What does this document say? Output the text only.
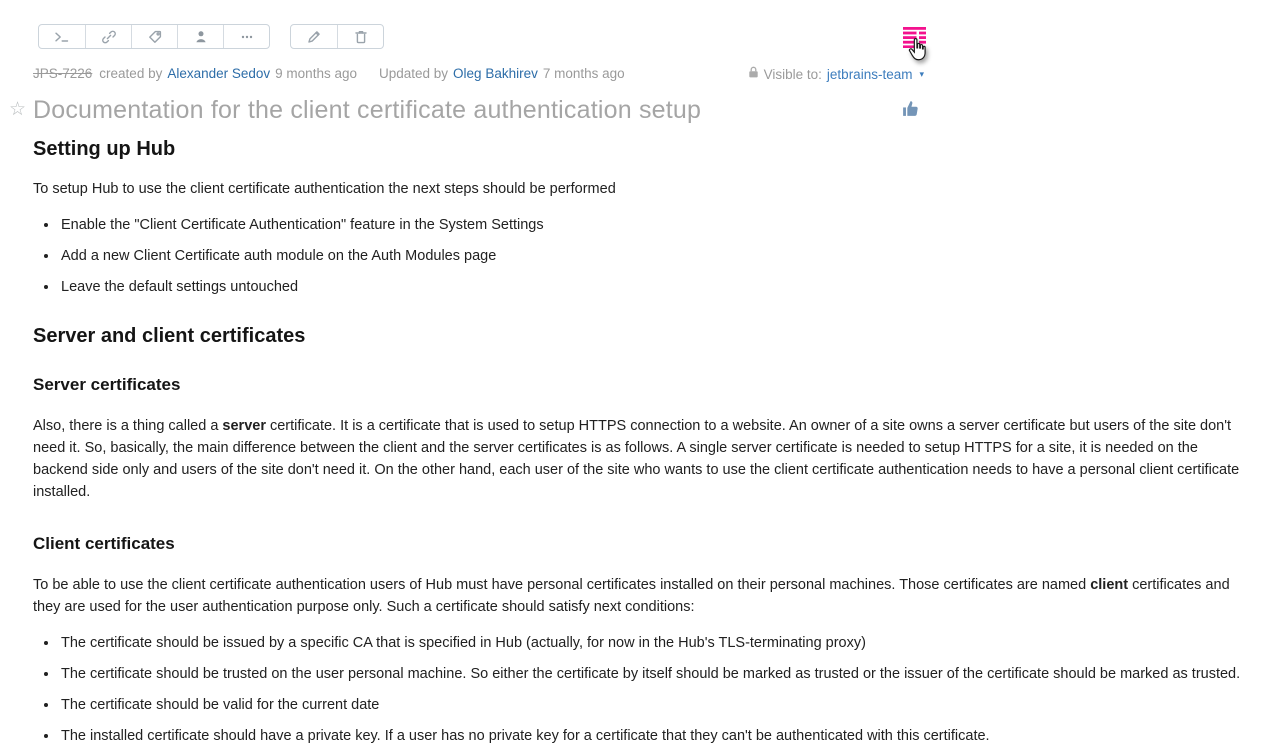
JPS-7226 created by Alexander Sedov 9 months ago Updated by Oleg Bakhirev 7 months ago	Visible to: jetbrains-team ▾
☆ Documentation for the client certificate authentication setup
Setting up Hub

To setup Hub to use the client certificate authentication the next steps should be performed

• Enable the "Client Certificate Authentication" feature in the System Settings
• Add a new Client Certificate auth module on the Auth Modules page
• Leave the default settings untouched
Server and client certificates
Server certificates

Also, there is a thing called a server certificate. It is a certificate that is used to setup HTTPS connection to a website. An owner of a site owns a server certificate but users of the site don't need it. So, basically, the main difference between the client and the server certificates is as follows. A single server certificate is needed to setup HTTPS for a site, it is needed on the backend side only and users of the site don't need it. On the other hand, each user of the site who wants to use the client certificate authentication needs to have a personal client certificate installed.

Client certificates

To be able to use the client certificate authentication users of Hub must have personal certificates installed on their personal machines. Those certificates are named client certificates and they are used for the user authentication purpose only. Such a certificate should satisfy next conditions:

• The certificate should be issued by a specific CA that is specified in Hub (actually, for now in the Hub's TLS-terminating proxy)
• The certificate should be trusted on the user personal machine. So either the certificate by itself should be marked as trusted or the issuer of the certificate should be marked as trusted.
• The certificate should be valid for the current date
• The installed certificate should have a private key. If a user has no private key for a certificate that they can't be authenticated with this certificate.
